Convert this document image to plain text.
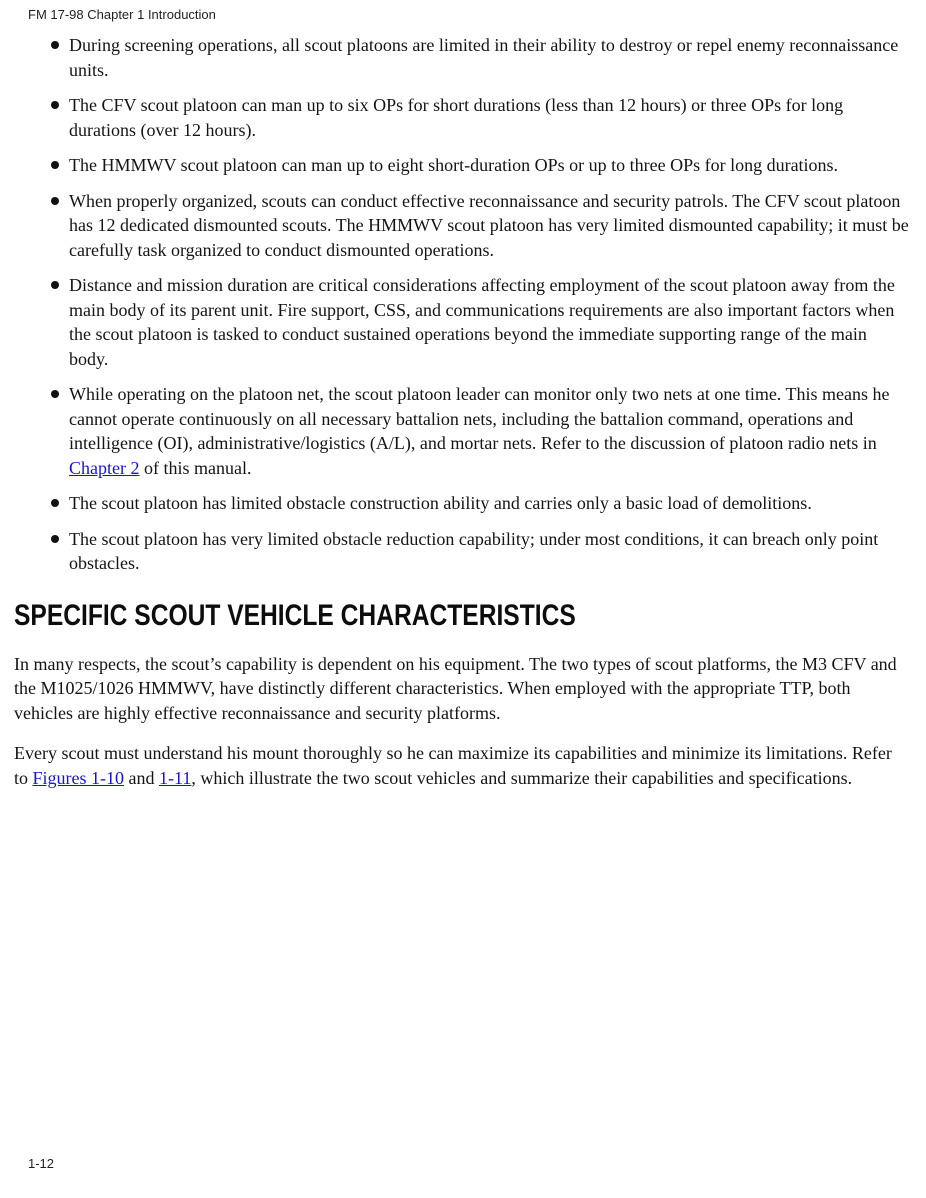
FM 17-98 Chapter 1 Introduction
During screening operations, all scout platoons are limited in their ability to destroy or repel enemy reconnaissance units.
The CFV scout platoon can man up to six OPs for short durations (less than 12 hours) or three OPs for long durations (over 12 hours).
The HMMWV scout platoon can man up to eight short-duration OPs or up to three OPs for long durations.
When properly organized, scouts can conduct effective reconnaissance and security patrols. The CFV scout platoon has 12 dedicated dismounted scouts. The HMMWV scout platoon has very limited dismounted capability; it must be carefully task organized to conduct dismounted operations.
Distance and mission duration are critical considerations affecting employment of the scout platoon away from the main body of its parent unit. Fire support, CSS, and communications requirements are also important factors when the scout platoon is tasked to conduct sustained operations beyond the immediate supporting range of the main body.
While operating on the platoon net, the scout platoon leader can monitor only two nets at one time. This means he cannot operate continuously on all necessary battalion nets, including the battalion command, operations and intelligence (OI), administrative/logistics (A/L), and mortar nets. Refer to the discussion of platoon radio nets in Chapter 2 of this manual.
The scout platoon has limited obstacle construction ability and carries only a basic load of demolitions.
The scout platoon has very limited obstacle reduction capability; under most conditions, it can breach only point obstacles.
SPECIFIC SCOUT VEHICLE CHARACTERISTICS

In many respects, the scout’s capability is dependent on his equipment. The two types of scout platforms, the M3 CFV and the M1025/1026 HMMWV, have distinctly different characteristics. When employed with the appropriate TTP, both vehicles are highly effective reconnaissance and security platforms.

Every scout must understand his mount thoroughly so he can maximize its capabilities and minimize its limitations. Refer to Figures 1-10 and 1-11, which illustrate the two scout vehicles and summarize their capabilities and specifications.

1-12
